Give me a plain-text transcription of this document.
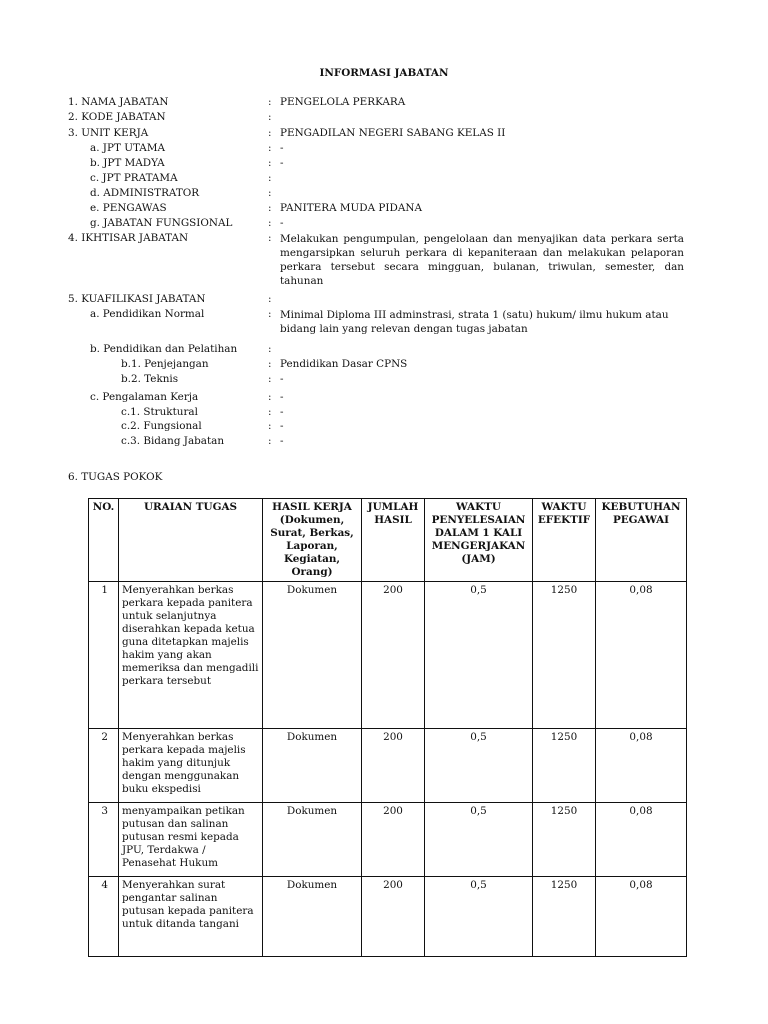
INFORMASI JABATAN
1. NAMA JABATAN	: PENGELOLA PERKARA
2. KODE JABATAN	:
3. UNIT KERJA	: PENGADILAN NEGERI SABANG KELAS II
a. JPT UTAMA	: -
b. JPT MADYA	: -
c. JPT PRATAMA	:
d. ADMINISTRATOR	:
e. PENGAWAS	: PANITERA MUDA PIDANA
g. JABATAN FUNGSIONAL	: -
4. IKHTISAR JABATAN	: Melakukan pengumpulan, pengelolaan dan menyajikan data perkara serta
mengarsipkan seluruh perkara di kepaniteraan dan melakukan pelaporan
perkara tersebut secara mingguan, bulanan, triwulan, semester, dan tahunan
5. KUAFILIKASI JABATAN	:
a. Pendidikan Normal	: Minimal Diploma III adminstrasi, strata 1 (satu) hukum/ ilmu hukum atau
bidang lain yang relevan dengan tugas jabatan
b. Pendidikan dan Pelatihan	:
b.1. Penjejangan	: Pendidikan Dasar CPNS
b.2. Teknis	: -
c. Pengalaman Kerja	: -
c.1. Struktural	: -
c.2. Fungsional	: -
c.3. Bidang Jabatan	: -
6. TUGAS POKOK
NO.	URAIAN TUGAS	HASIL KERJA (Dokumen, Surat, Berkas, Laporan, Kegiatan, Orang)	JUMLAH HASIL	WAKTU PENYELESAIAN DALAM 1 KALI MENGERJAKAN (JAM)	WAKTU EFEKTIF	KEBUTUHAN PEGAWAI
1	Menyerahkan berkas perkara kepada panitera untuk selanjutnya diserahkan kepada ketua guna ditetapkan majelis hakim yang akan memeriksa dan mengadili perkara tersebut	Dokumen	200	0,5	1250	0,08
2	Menyerahkan berkas perkara kepada majelis hakim yang ditunjuk dengan menggunakan buku ekspedisi	Dokumen	200	0,5	1250	0,08
3	menyampaikan petikan putusan dan salinan putusan resmi kepada JPU, Terdakwa / Penasehat Hukum	Dokumen	200	0,5	1250	0,08
4	Menyerahkan surat pengantar salinan putusan kepada panitera untuk ditanda tangani	Dokumen	200	0,5	1250	0,08
